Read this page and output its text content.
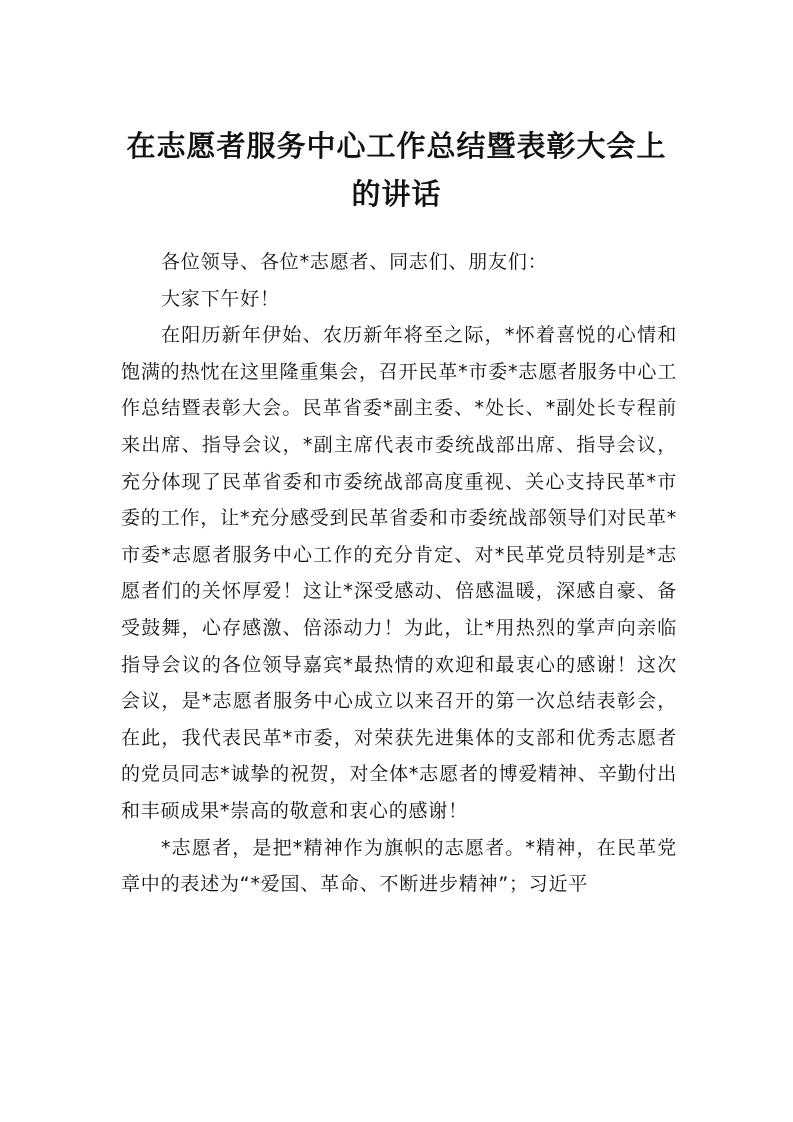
在志愿者服务中心工作总结暨表彰大会上
的讲话

各位领导、各位*志愿者、同志们、朋友们：

大家下午好！

在阳历新年伊始、农历新年将至之际，*怀着喜悦的心情和饱满的热忱在这里隆重集会，召开民革*市委*志愿者服务中心工作总结暨表彰大会。民革省委*副主委、*处长、*副处长专程前来出席、指导会议，*副主席代表市委统战部出席、指导会议，充分体现了民革省委和市委统战部高度重视、关心支持民革*市委的工作，让*充分感受到民革省委和市委统战部领导们对民革*市委*志愿者服务中心工作的充分肯定、对*民革党员特别是*志愿者们的关怀厚爱！这让*深受感动、倍感温暖，深感自豪、备受鼓舞，心存感激、倍添动力！为此，让*用热烈的掌声向亲临指导会议的各位领导嘉宾*最热情的欢迎和最衷心的感谢！这次会议，是*志愿者服务中心成立以来召开的第一次总结表彰会，在此，我代表民革*市委，对荣获先进集体的支部和优秀志愿者的党员同志*诚挚的祝贺，对全体*志愿者的博爱精神、辛勤付出和丰硕成果*崇高的敬意和衷心的感谢！

*志愿者，是把*精神作为旗帜的志愿者。*精神，在民革党章中的表述为“*爱国、革命、不断进步精神”；习近平
